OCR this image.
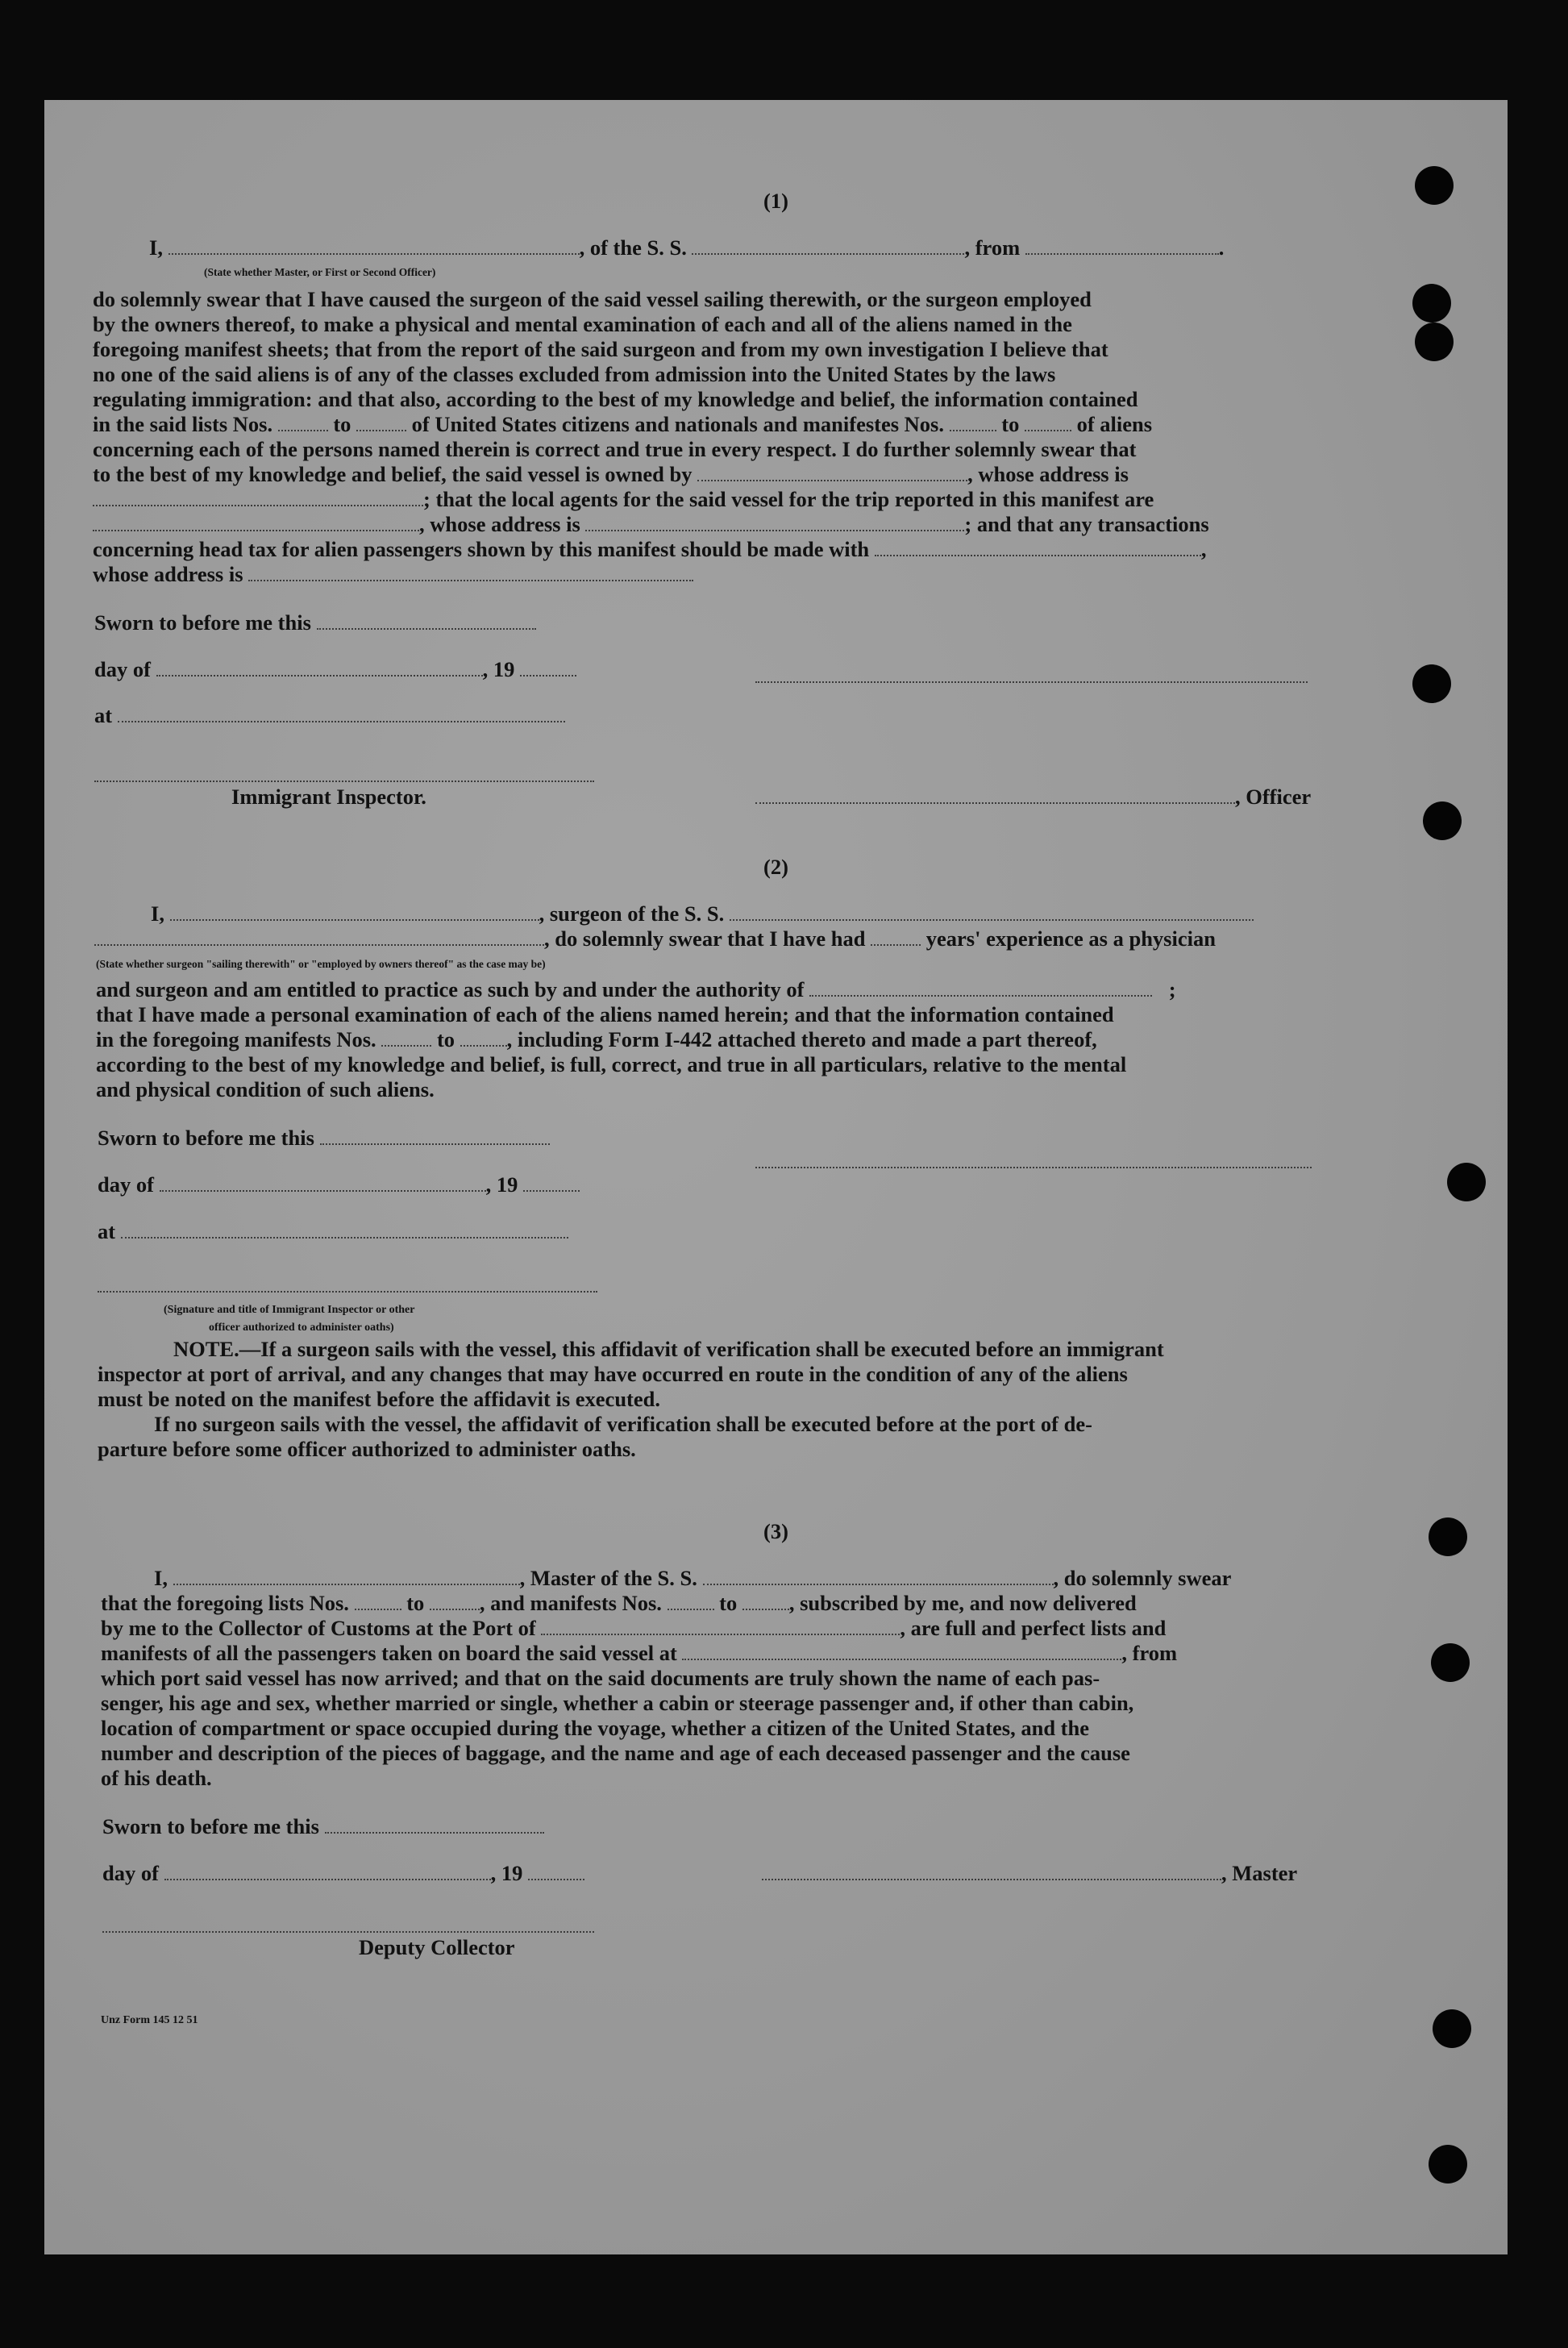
(1)
I,	, of the S. S.	, from	.
(State whether Master, or First or Second Officer)
do solemnly swear that I have caused the surgeon of the said vessel sailing therewith, or the surgeon employed
by the owners thereof, to make a physical and mental examination of each and all of the aliens named in the
foregoing manifest sheets; that from the report of the said surgeon and from my own investigation I believe that
no one of the said aliens is of any of the classes excluded from admission into the United States by the laws
regulating immigration: and that also, according to the best of my knowledge and belief, the information contained
in the said lists Nos.	to	of United States citizens and nationals and manifestes Nos.	to	of aliens
concerning each of the persons named therein is correct and true in every respect. I do further solemnly swear that
to the best of my knowledge and belief, the said vessel is owned by	, whose address is
; that the local agents for the said vessel for the trip reported in this manifest are
, whose address is	; and that any transactions
concerning head tax for alien passengers shown by this manifest should be made with	,
whose address is
Sworn to before me this
day of	, 19
at
Immigrant Inspector.	, Officer
(2)
I,	, surgeon of the S. S.
, do solemnly swear that I have had	years' experience as a physician
(State whether surgeon "sailing therewith" or "employed by owners thereof" as the case may be)
and surgeon and am entitled to practice as such by and under the authority of	;
that I have made a personal examination of each of the aliens named herein; and that the information contained
in the foregoing manifests Nos.	to , including Form I-442 attached thereto and made a part thereof,
according to the best of my knowledge and belief, is full, correct, and true in all particulars, relative to the mental
and physical condition of such aliens.
Sworn to before me this
day of	, 19
at
(Signature and title of Immigrant Inspector or other
officer authorized to administer oaths)
NOTE.—If a surgeon sails with the vessel, this affidavit of verification shall be executed before an immigrant
inspector at port of arrival, and any changes that may have occurred en route in the condition of any of the aliens
must be noted on the manifest before the affidavit is executed.
If no surgeon sails with the vessel, the affidavit of verification shall be executed before at the port of de-
parture before some officer authorized to administer oaths.
(3)
I,	, Master of the S. S.	, do solemnly swear
that the foregoing lists Nos.	to	, and manifests Nos.	to , subscribed by me, and now delivered
by me to the Collector of Customs at the Port of	, are full and perfect lists and
manifests of all the passengers taken on board the said vessel at	, from
which port said vessel has now arrived; and that on the said documents are truly shown the name of each pas-
senger, his age and sex, whether married or single, whether a cabin or steerage passenger and, if other than cabin,
location of compartment or space occupied during the voyage, whether a citizen of the United States, and the
number and description of the pieces of baggage, and the name and age of each deceased passenger and the cause
of his death.
Sworn to before me this
day of	, 19	, Master
Deputy Collector
Unz Form 145 12 51
